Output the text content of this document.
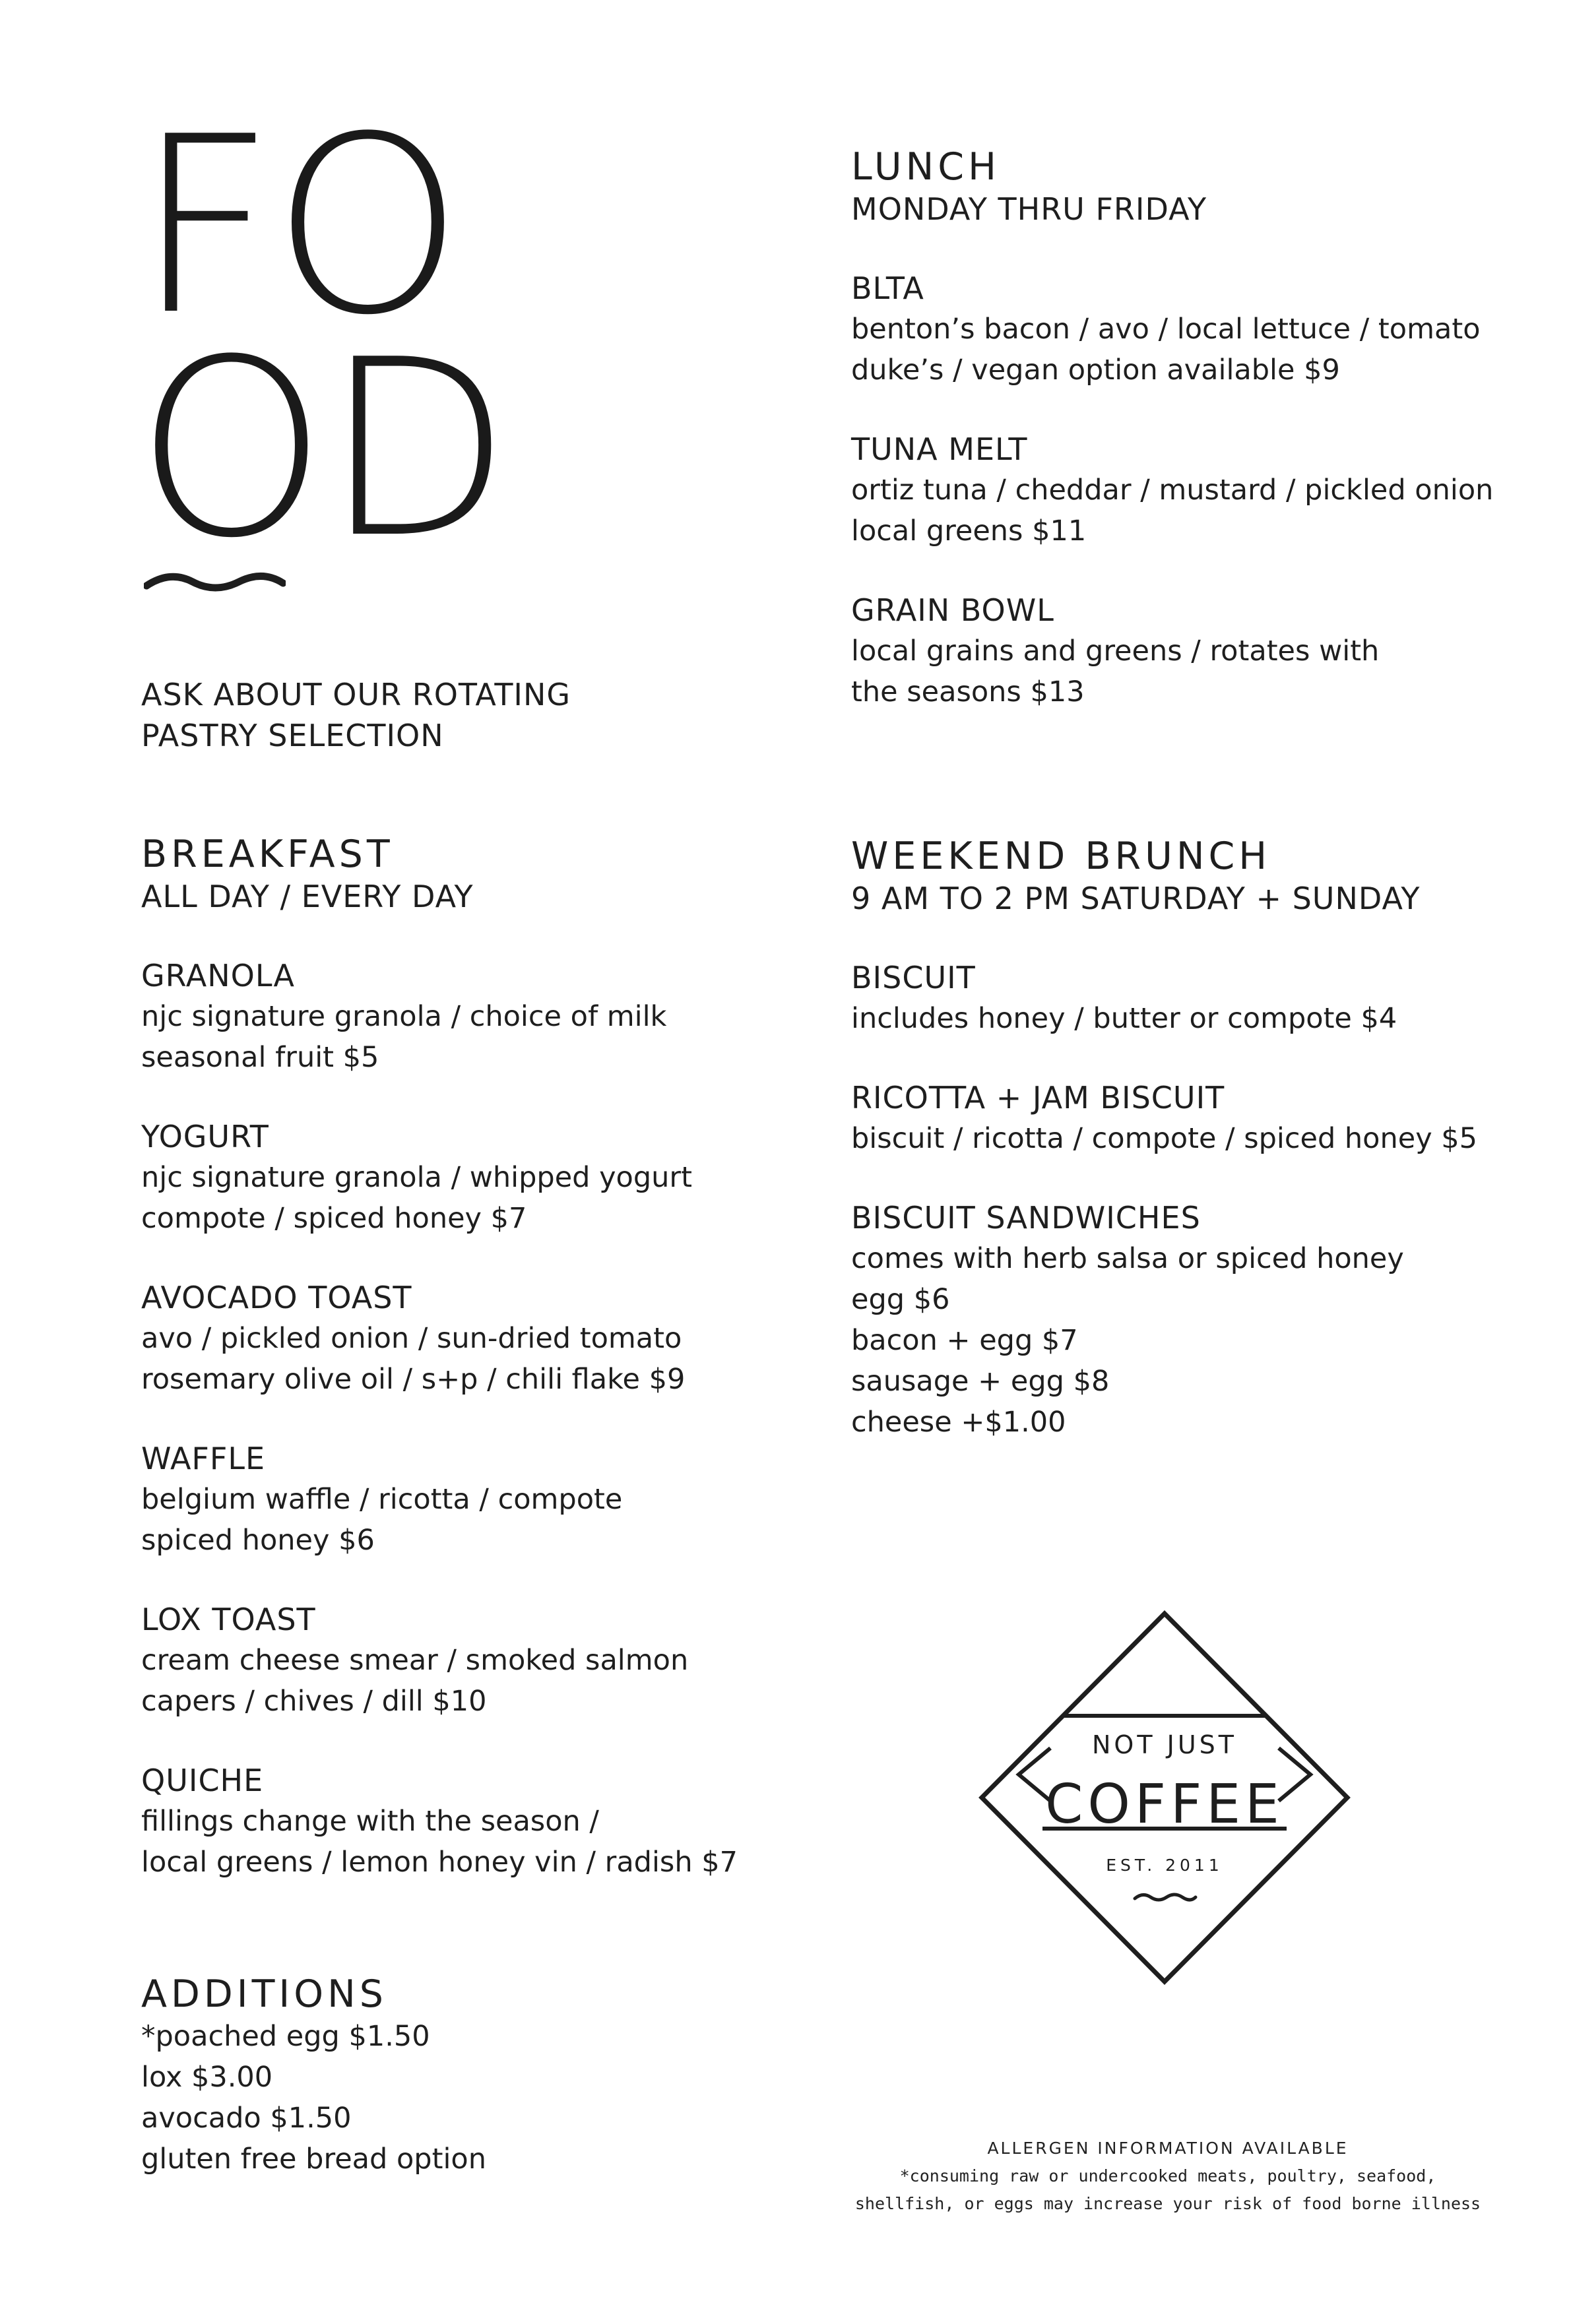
FO
OD
ASK ABOUT OUR ROTATING
PASTRY SELECTION
LUNCH
MONDAY THRU FRIDAY
BLTA
benton’s bacon / avo / local lettuce / tomato
duke’s / vegan option available $9
TUNA MELT
ortiz tuna / cheddar / mustard / pickled onion
local greens $11
GRAIN BOWL
local grains and greens / rotates with
the seasons $13
BREAKFAST
ALL DAY / EVERY DAY
GRANOLA
njc signature granola / choice of milk
seasonal fruit $5
YOGURT
njc signature granola / whipped yogurt
compote / spiced honey $7
AVOCADO TOAST
avo / pickled onion / sun-dried tomato
rosemary olive oil / s+p / chili flake $9
WAFFLE
belgium waffle / ricotta / compote
spiced honey $6
LOX TOAST
cream cheese smear / smoked salmon
capers / chives / dill $10
QUICHE
fillings change with the season /
local greens / lemon honey vin / radish $7
WEEKEND BRUNCH
9 AM TO 2 PM SATURDAY + SUNDAY
BISCUIT
includes honey / butter or compote $4
RICOTTA + JAM BISCUIT
biscuit / ricotta / compote / spiced honey $5
BISCUIT SANDWICHES
comes with herb salsa or spiced honey
egg $6
bacon + egg $7
sausage + egg $8
cheese +$1.00
ADDITIONS
*poached egg $1.50
lox $3.00
avocado $1.50
gluten free bread option
NOT JUST
COFFEE
EST. 2011
ALLERGEN INFORMATION AVAILABLE
*consuming raw or undercooked meats, poultry, seafood,
shellfish, or eggs may increase your risk of food borne illness
